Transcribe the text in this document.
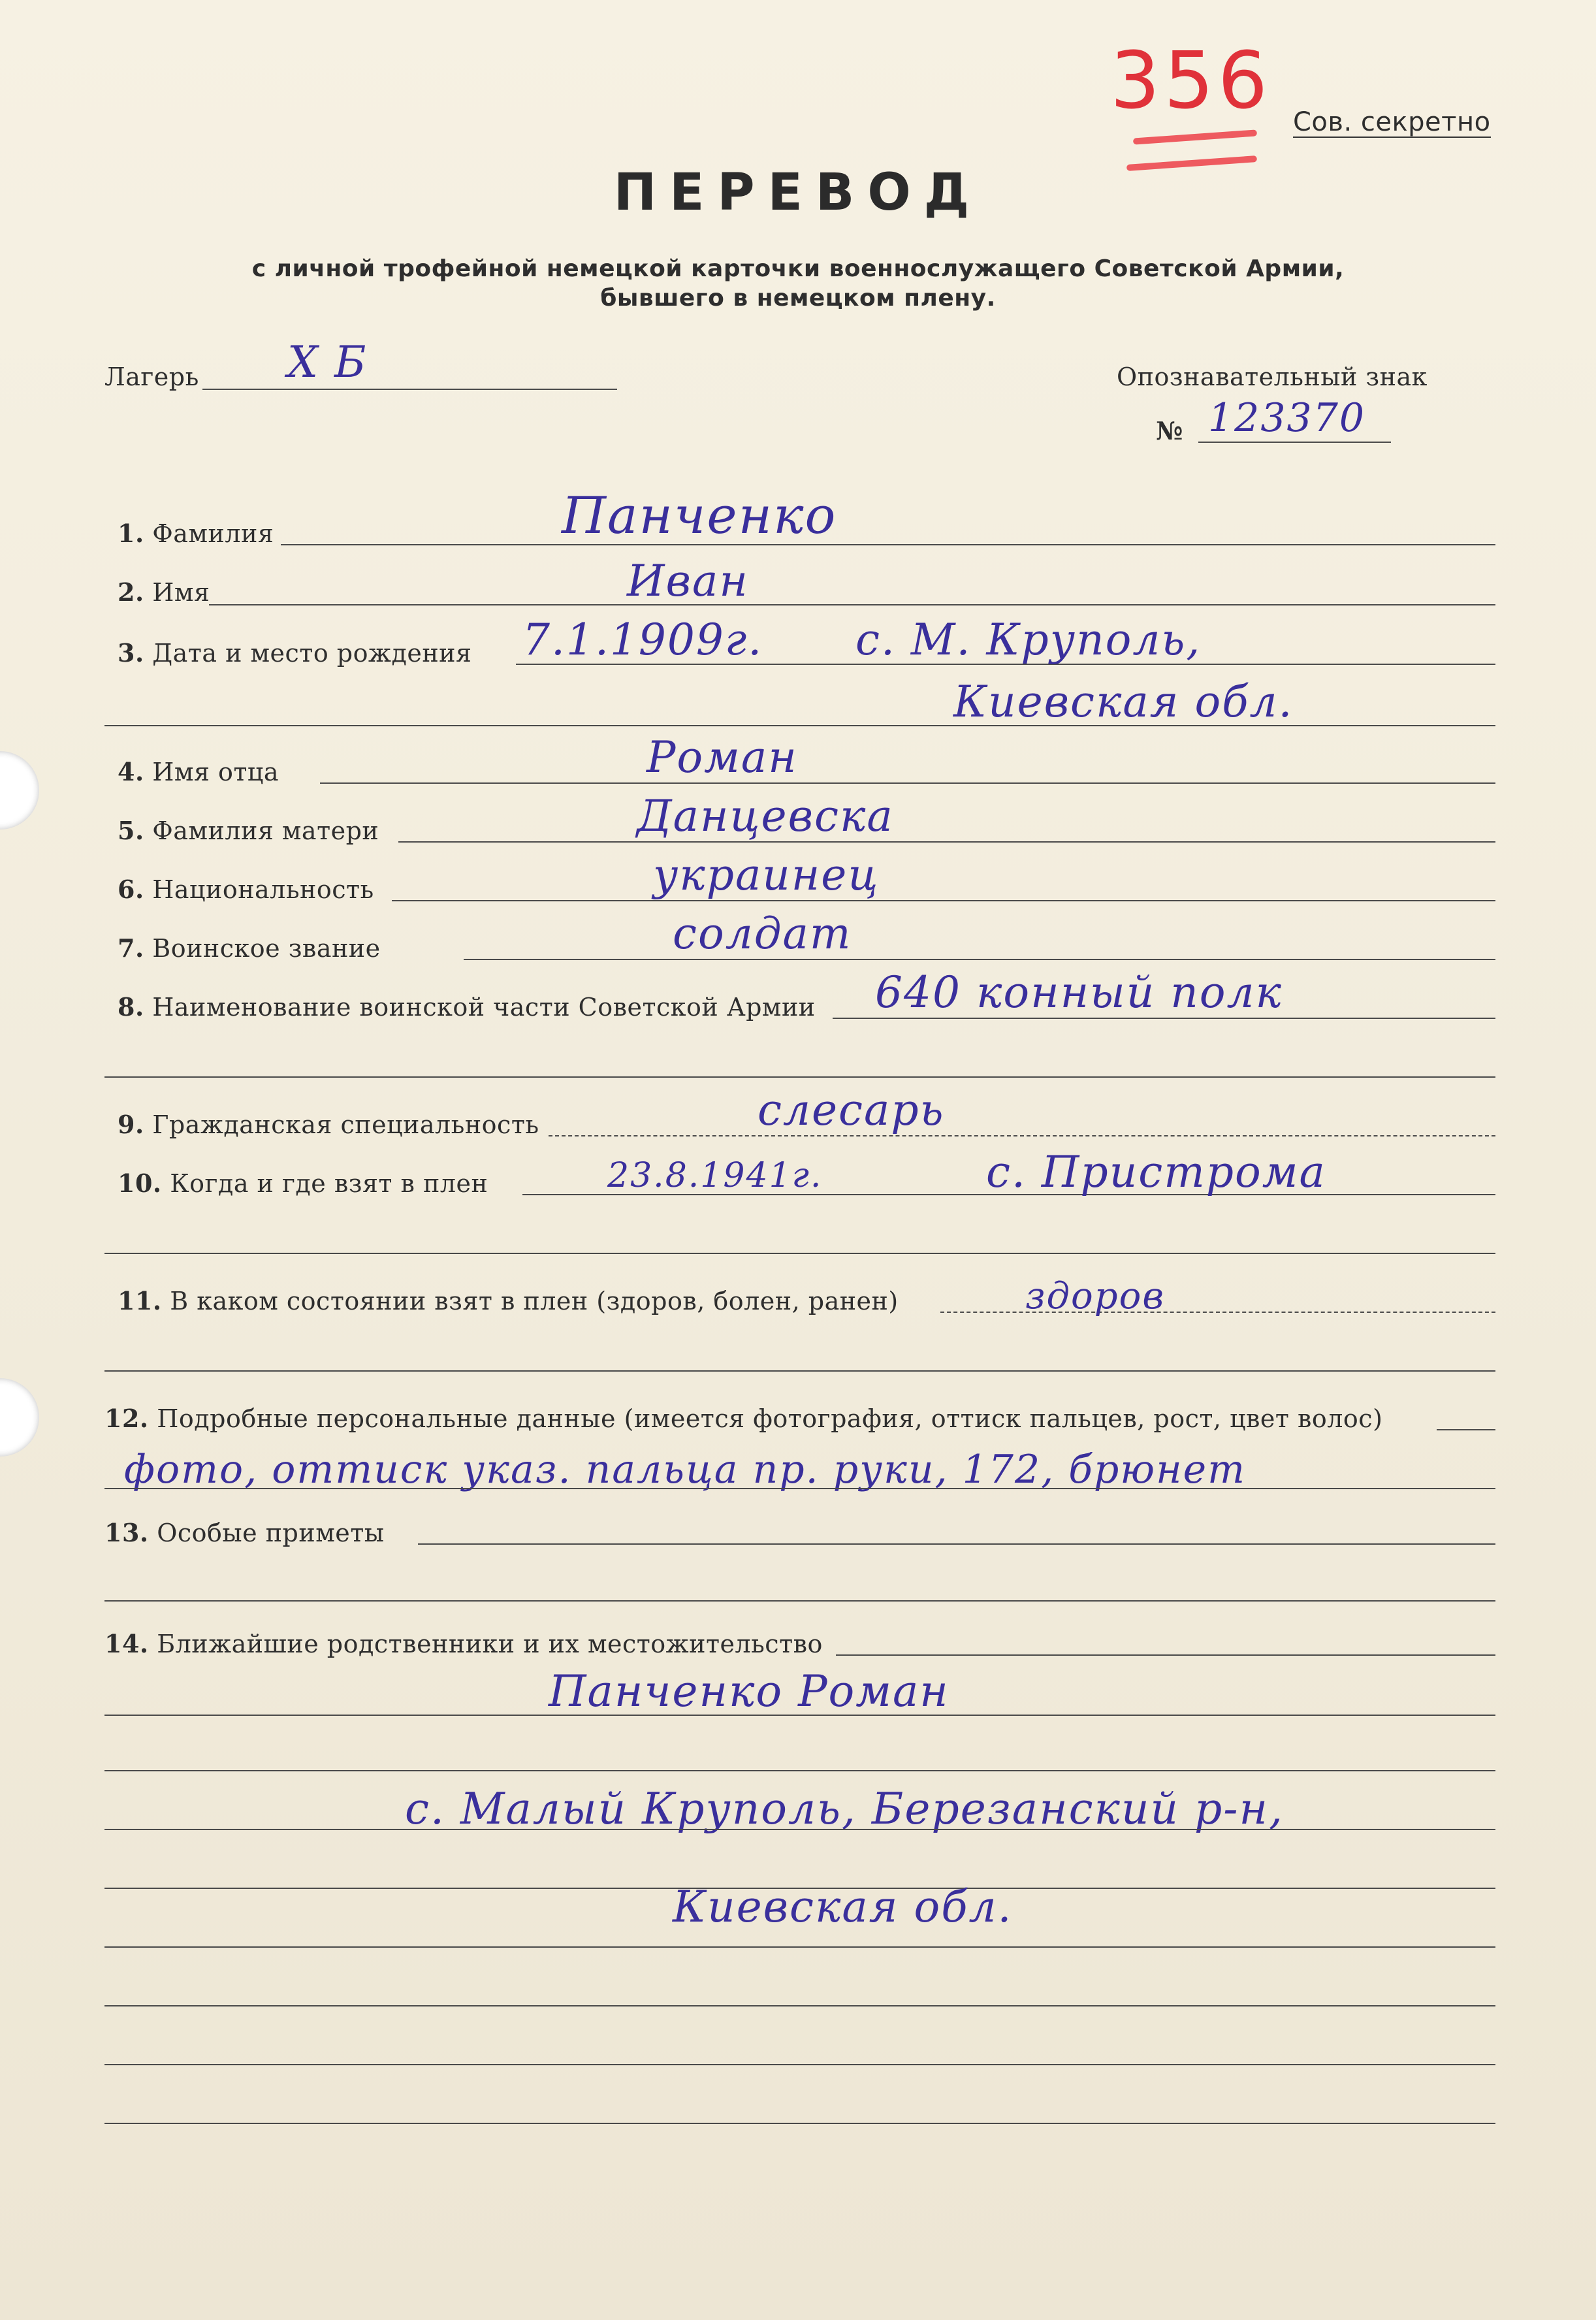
356 Сов. секретно
ПЕРЕВОД
с личной трофейной немецкой карточки военнослужащего Советской Армии,
бывшего в немецком плену.
Лагерь X Б	Опознавательный знак
№ 123370
1. Фамилия	Панченко
2. Имя	Иван
3. Дата и место рождения 7.1.1909г. с. М. Круполь,
Киевская обл.
4. Имя отца	Роман
5. Фамилия матери	Данцевска
6. Национальность	украинец
7. Воинское звание	солдат
8. Наименование воинской части Советской Армии 640 конный полк
9. Гражданская специальность	слесарь
10. Когда и где взят в плен	23.8.1941г.	с. Пристрома
11. В каком состоянии взят в плен (здоров, болен, ранен)	здоров
12. Подробные персональные данные (имеется фотография, оттиск пальцев, рост, цвет волос)
фото, оттиск указ. пальца пр. руки, 172, брюнет
13. Особые приметы
14. Ближайшие родственники и их местожительство
Панченко Роман
с. Малый Круполь, Березанский р-н,
Киевская обл.
